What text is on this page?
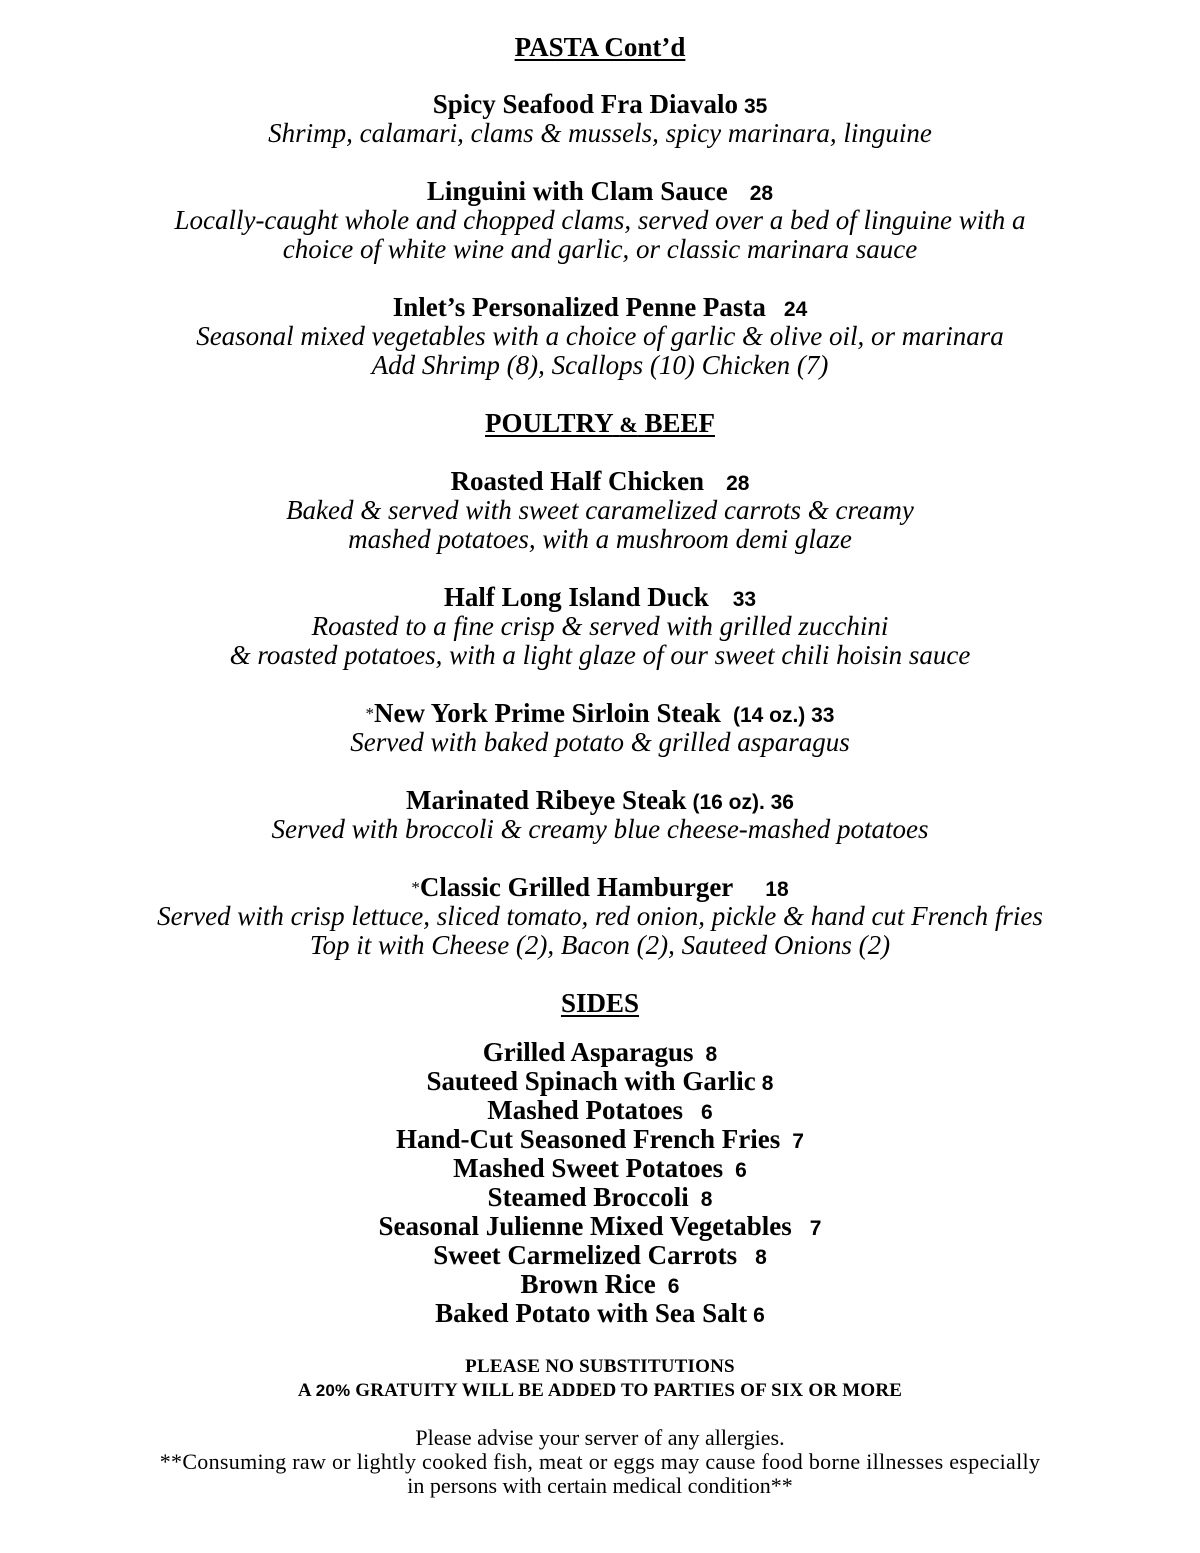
PASTA Cont’d
Spicy Seafood Fra Diavalo 35
Shrimp, calamari, clams & mussels, spicy marinara, linguine
Linguini with Clam Sauce 28
Locally-caught whole and chopped clams, served over a bed of linguine with a
choice of white wine and garlic, or classic marinara sauce
Inlet’s Personalized Penne Pasta 24
Seasonal mixed vegetables with a choice of garlic & olive oil, or marinara
Add Shrimp (8), Scallops (10) Chicken (7)
POULTRY & BEEF
Roasted Half Chicken 28
Baked & served with sweet caramelized carrots & creamy
mashed potatoes, with a mushroom demi glaze
Half Long Island Duck 33
Roasted to a fine crisp & served with grilled zucchini
& roasted potatoes, with a light glaze of our sweet chili hoisin sauce
*New York Prime Sirloin Steak (14 oz.) 33
Served with baked potato & grilled asparagus
Marinated Ribeye Steak (16 oz). 36
Served with broccoli & creamy blue cheese-mashed potatoes
*Classic Grilled Hamburger 18
Served with crisp lettuce, sliced tomato, red onion, pickle & hand cut French fries
Top it with Cheese (2), Bacon (2), Sauteed Onions (2)
SIDES
Grilled Asparagus 8
Sauteed Spinach with Garlic 8
Mashed Potatoes 6
Hand-Cut Seasoned French Fries 7
Mashed Sweet Potatoes 6
Steamed Broccoli 8
Seasonal Julienne Mixed Vegetables 7
Sweet Carmelized Carrots 8
Brown Rice 6
Baked Potato with Sea Salt 6
PLEASE NO SUBSTITUTIONS
A 20% GRATUITY WILL BE ADDED TO PARTIES OF SIX OR MORE
Please advise your server of any allergies.
**Consuming raw or lightly cooked fish, meat or eggs may cause food borne illnesses especially
in persons with certain medical condition**
